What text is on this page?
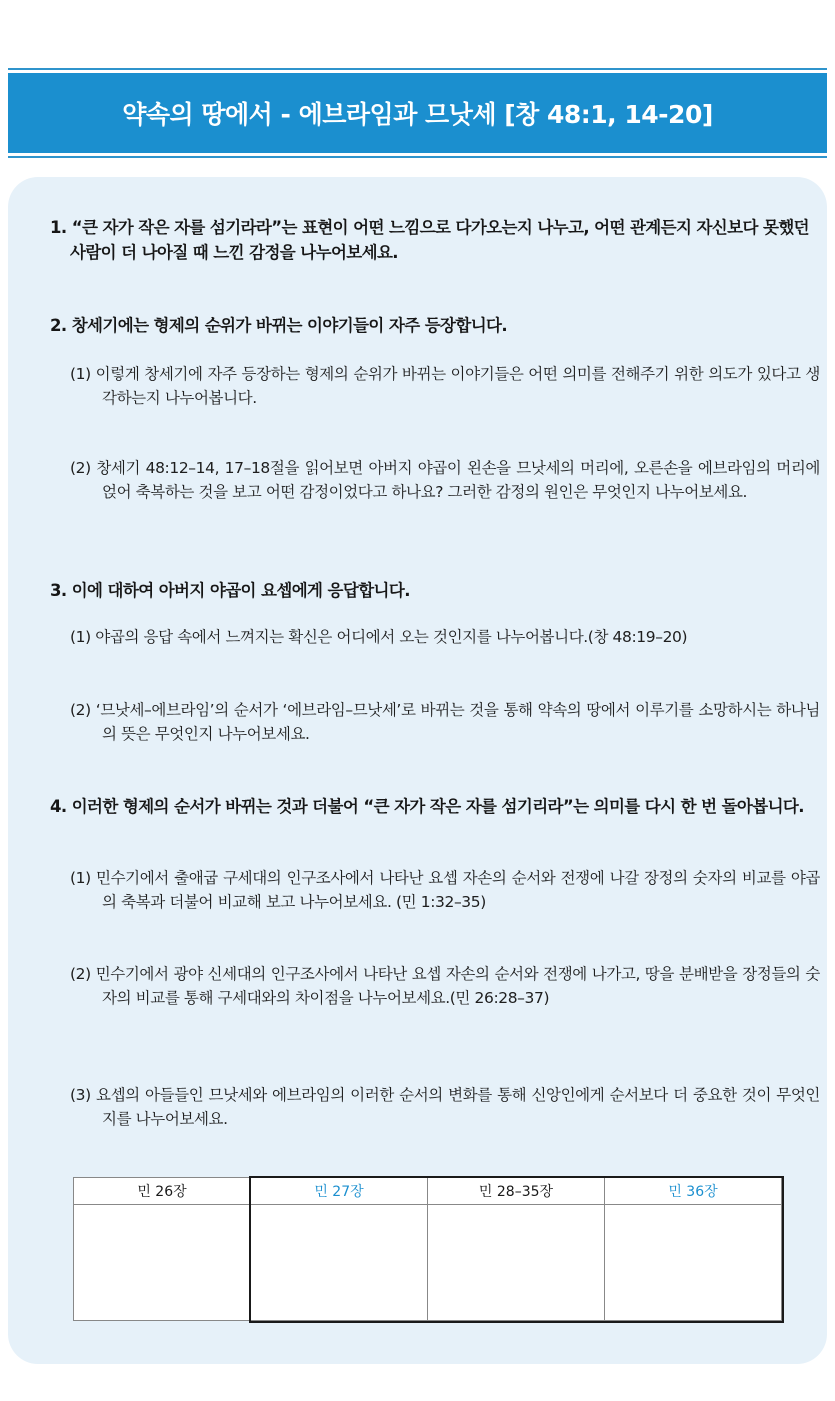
약속의 땅에서 - 에브라임과 므낫세 [창 48:1, 14-20]

1. “큰 자가 작은 자를 섬기라라”는 표현이 어떤 느낌으로 다가오는지 나누고, 어떤 관계든지 자신보다 못했던 사람이 더 나아질 때 느낀 감정을 나누어보세요.

2. 창세기에는 형제의 순위가 바뀌는 이야기들이 자주 등장합니다.

(1) 이렇게 창세기에 자주 등장하는 형제의 순위가 바뀌는 이야기들은 어떤 의미를 전해주기 위한 의도가 있다고 생각하는지 나누어봅니다.

(2) 창세기 48:12–14, 17–18절을 읽어보면 아버지 야곱이 왼손을 므낫세의 머리에, 오른손을 에브라임의 머리에 얹어 축복하는 것을 보고 어떤 감정이었다고 하나요? 그러한 감정의 원인은 무엇인지 나누어보세요.

3. 이에 대하여 아버지 야곱이 요셉에게 응답합니다.

(1) 야곱의 응답 속에서 느껴지는 확신은 어디에서 오는 것인지를 나누어봅니다.(창 48:19–20)

(2) ‘므낫세–에브라임’의 순서가 ‘에브라임–므낫세’로 바뀌는 것을 통해 약속의 땅에서 이루기를 소망하시는 하나님의 뜻은 무엇인지 나누어보세요.

4. 이러한 형제의 순서가 바뀌는 것과 더불어 “큰 자가 작은 자를 섬기리라”는 의미를 다시 한 번 돌아봅니다.

(1) 민수기에서 출애굽 구세대의 인구조사에서 나타난 요셉 자손의 순서와 전쟁에 나갈 장정의 숫자의 비교를 야곱의 축복과 더불어 비교해 보고 나누어보세요. (민 1:32–35)

(2) 민수기에서 광야 신세대의 인구조사에서 나타난 요셉 자손의 순서와 전쟁에 나가고, 땅을 분배받을 장정들의 숫자의 비교를 통해 구세대와의 차이점을 나누어보세요.(민 26:28–37)

(3) 요셉의 아들들인 므낫세와 에브라임의 이러한 순서의 변화를 통해 신앙인에게 순서보다 더 중요한 것이 무엇인지를 나누어보세요.

민 26장	민 27장	민 28–35장	민 36장
